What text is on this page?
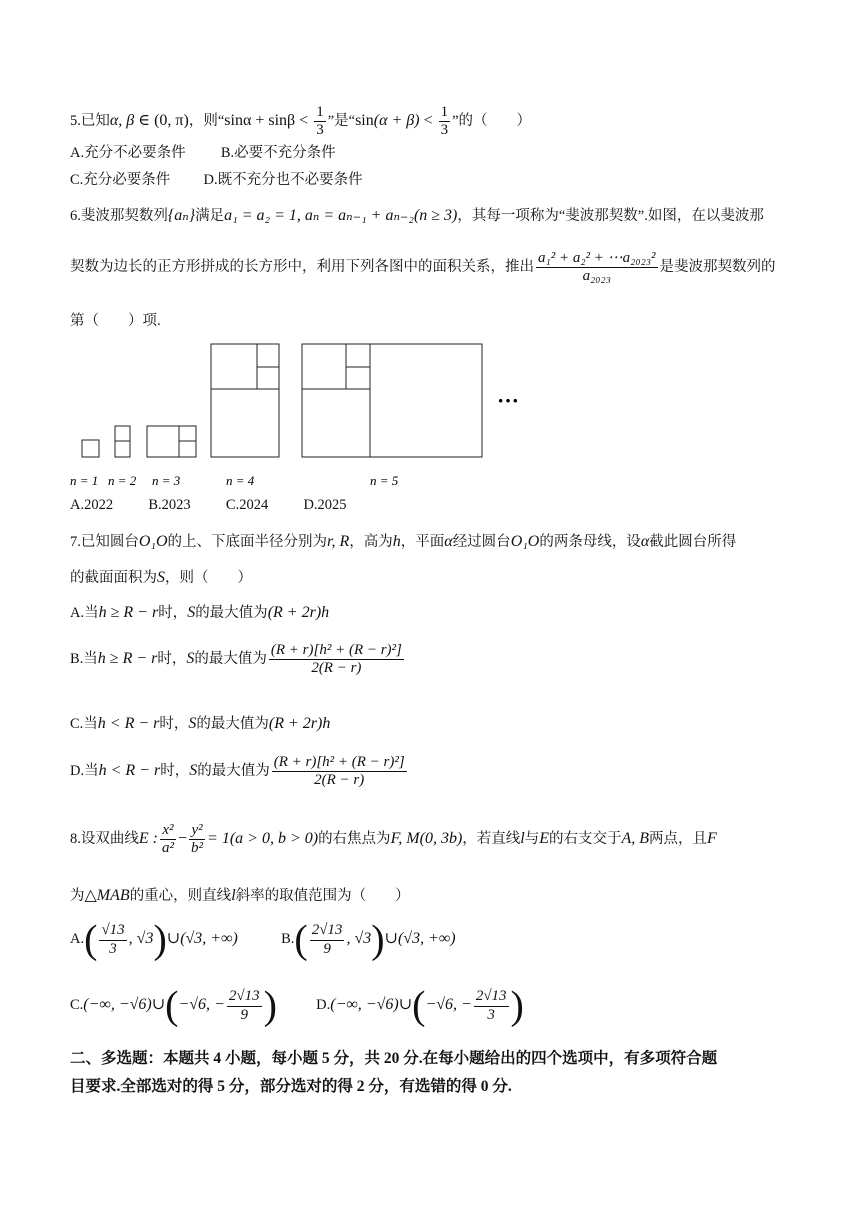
5.已知α, β ∈ (0, π)，则“$\sin\alpha + \sin\beta < \frac{1}{3}$ ”是“$\sin(\alpha + \beta) < \frac{1}{3}$ ”的（　　）
A.充分不必要条件 B.必要不充分条件
C.充分必要条件 D.既不充分也不必要条件
6.斐波那契数列{aₙ}满足a₁ = a₂ = 1, aₙ = aₙ₋₁ + aₙ₋₂(n ≥ 3)，其每一项称为“斐波那契数”.如图，在以斐波那
契数为边长的正方形拼成的长方形中，利用下列各图中的面积关系，推出 $\frac{\text{a₁² + a₂² + ⋯a₂₀₂₃²}}{\text{a₂₀₂₃}}$ 是斐波那契数列的
第（　　）项.
···
n = 1 n = 2 n = 3	n = 4	n = 5
A.2022 B.2023 C.2024 D.2025
7.已知圆台O₁O的上、下底面半径分别为r, R，高为h，平面α经过圆台O₁O的两条母线，设α截此圆台所得
的截面面积为S，则（　　）
A.当h ≥ R − r时，S的最大值为(R + 2r)h
B.当h ≥ R − r时，S的最大值为 $\frac{\text{(R + r)[h² + (R − r)²]}}{2(R - r)}$
C.当h < R − r时，S的最大值为(R + 2r)h
D.当h < R − r时，S的最大值为 $\frac{\text{(R + r)[h² + (R − r)²]}}{2(R - r)}$
8.设双曲线E : $\frac{\text{x²}}{\text{a²}} - \frac{\text{y²}}{\text{b²}} = 1(a > 0$, b > 0)的右焦点为F, M(0, 3b)，若直线l与E的右支交于A, B两点，且F
为△MAB的重心，则直线l斜率的取值范围为（　　）
$A.( \frac{√13}{3}$ , √3)∪(√3, +∞)	$B.( \frac{2√13}{9}$ , √3)∪(√3, +∞)
C.(−∞, −√6)∪(−√6, − $\frac{2√13}{9}$ )	D.(−∞, −√6)∪(−√6, − $\frac{2√13}{3}$ )
二、多选题：本题共 4 小题，每小题 5 分，共 20 分.在每小题给出的四个选项中，有多项符合题
目要求.全部选对的得 5 分，部分选对的得 2 分，有选错的得 0 分.
